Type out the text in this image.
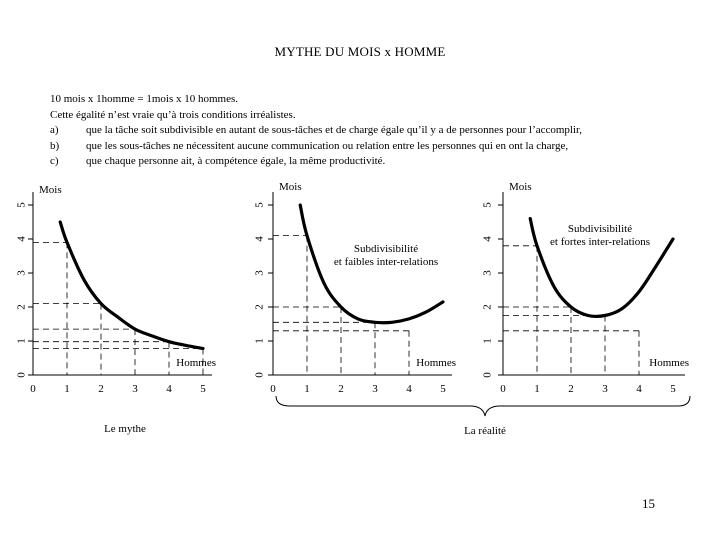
MYTHE DU MOIS x HOMME
10 mois x 1homme = 1mois x 10 hommes.
Cette égalité n’est vraie qu’à trois conditions irréalistes.
a) que la tâche soit subdivisible en autant de sous-tâches et de charge égale qu’il y a de personnes pour l’accomplir,
b) que les sous-tâches ne nécessitent aucune communication ou relation entre les personnes qui en ont la charge,
c) que chaque personne ait, à compétence égale, la même productivité.
0
1
2
3
4
5
0	1	2	3	4	5
Mois
Hommes
Le mythe
0
1
2
3
4
5
0	1	2	3	4	5
Mois
Hommes
Subdivisibilité
et faibles inter-relations
0
1
2
3
4
5
0	1	2	3	4	5
Mois
Hommes
Subdivisibilité
et fortes inter-relations
La réalité
15
